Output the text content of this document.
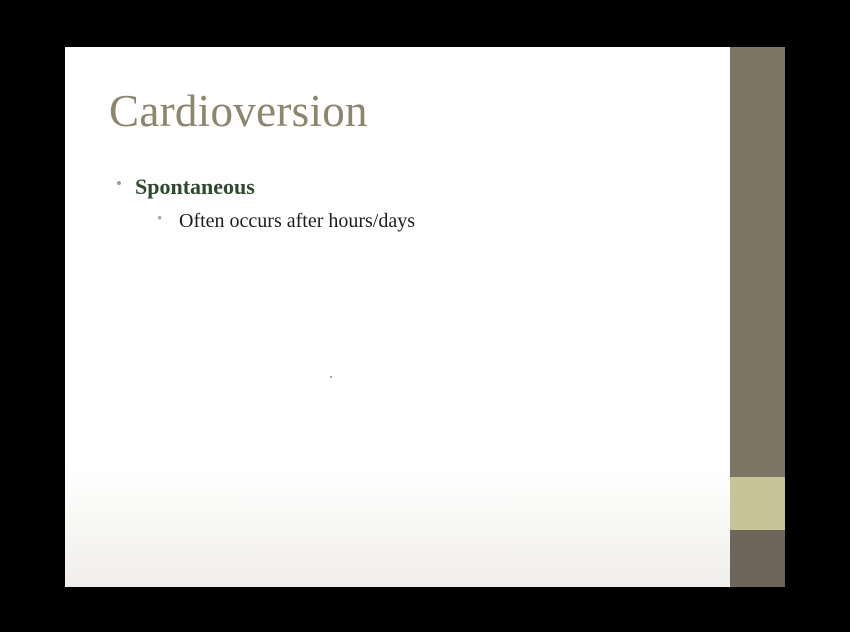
Cardioversion
• Spontaneous
• Often occurs after hours/days
